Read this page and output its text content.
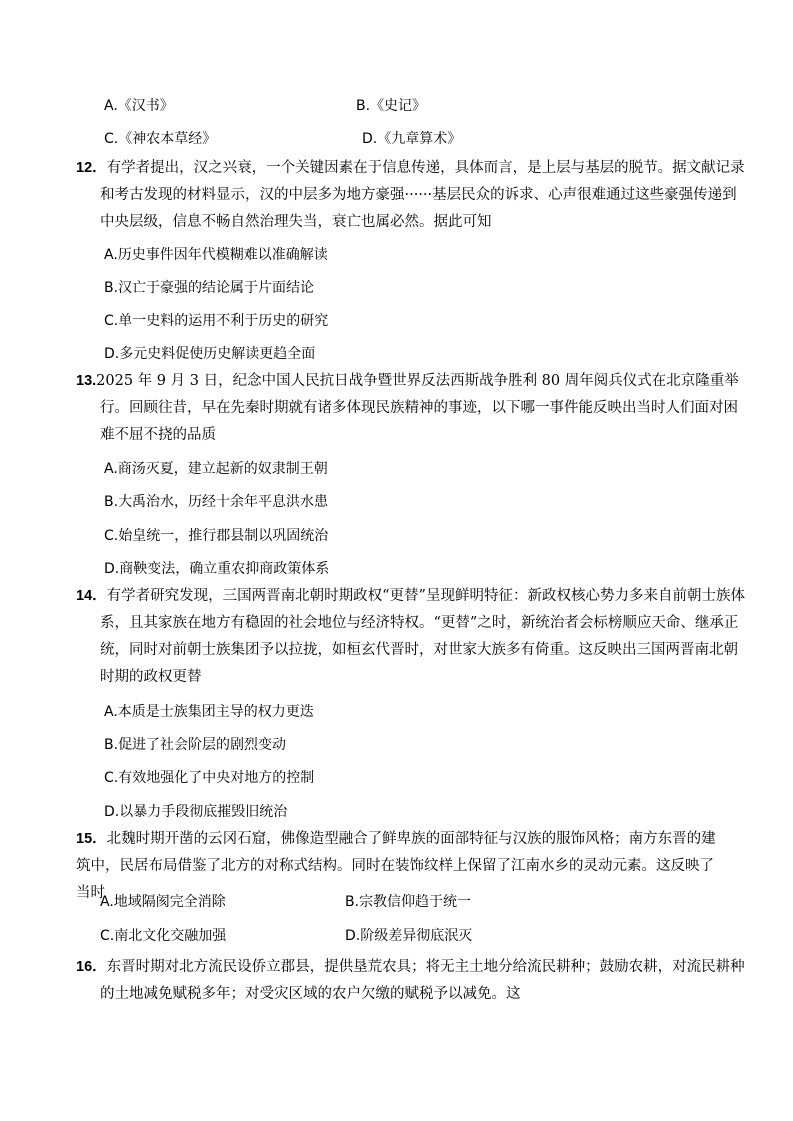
A.《汉书》	B.《史记》
C.《神农本草经》	D.《九章算术》
12．有学者提出，汉之兴衰，一个关键因素在于信息传递，具体而言，是上层与基层的脱节。据文献记录和考古发现的材料显示，汉的中层多为地方豪强······基层民众的诉求、心声很难通过这些豪强传递到中央层级，信息不畅自然治理失当，衰亡也属必然。据此可知
A.历史事件因年代模糊难以准确解读
B.汉亡于豪强的结论属于片面结论
C.单一史料的运用不利于历史的研究
D.多元史料促使历史解读更趋全面
13.2025 年 9 月 3 日，纪念中国人民抗日战争暨世界反法西斯战争胜利 80 周年阅兵仪式在北京隆重举行。回顾往昔，早在先秦时期就有诸多体现民族精神的事迹，以下哪一事件能反映出当时人们面对困难不屈不挠的品质
A.商汤灭夏，建立起新的奴隶制王朝
B.大禹治水，历经十余年平息洪水患
C.始皇统一，推行郡县制以巩固统治
D.商鞅变法，确立重农抑商政策体系
14．有学者研究发现，三国两晋南北朝时期政权“更替”呈现鲜明特征：新政权核心势力多来自前朝士族体系，且其家族在地方有稳固的社会地位与经济特权。“更替”之时，新统治者会标榜顺应天命、继承正统，同时对前朝士族集团予以拉拢，如桓玄代晋时，对世家大族多有倚重。这反映出三国两晋南北朝时期的政权更替
A.本质是士族集团主导的权力更迭
B.促进了社会阶层的剧烈变动
C.有效地强化了中央对地方的控制
D.以暴力手段彻底摧毁旧统治
15．北魏时期开凿的云冈石窟，佛像造型融合了鲜卑族的面部特征与汉族的服饰风格；南方东晋的建筑中，民居布局借鉴了北方的对称式结构。同时在装饰纹样上保留了江南水乡的灵动元素。这反映了当时
A.地域隔阂完全消除	B.宗教信仰趋于统一
C.南北文化交融加强	D.阶级差异彻底泯灭
16．东晋时期对北方流民设侨立郡县，提供垦荒农具；将无主土地分给流民耕种；鼓励农耕，对流民耕种的土地减免赋税多年；对受灾区域的农户欠缴的赋税予以减免。这
